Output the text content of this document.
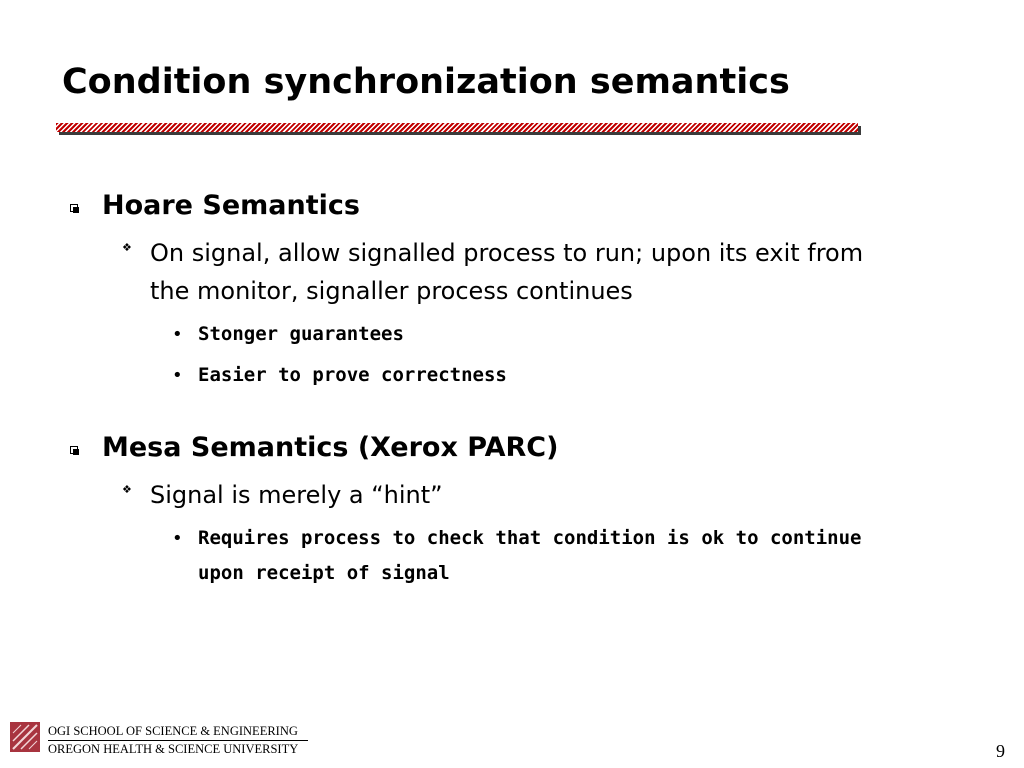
Condition synchronization semantics
Hoare Semantics
❖ On signal, allow signalled process to run; upon its exit from the monitor, signaller process continues
• Stonger guarantees
• Easier to prove correctness
Mesa Semantics (Xerox PARC)
❖ Signal is merely a “hint”
• Requires process to check that condition is ok to continue upon receipt of signal
OGI SCHOOL OF SCIENCE & ENGINEERING
OREGON HEALTH & SCIENCE UNIVERSITY	9
